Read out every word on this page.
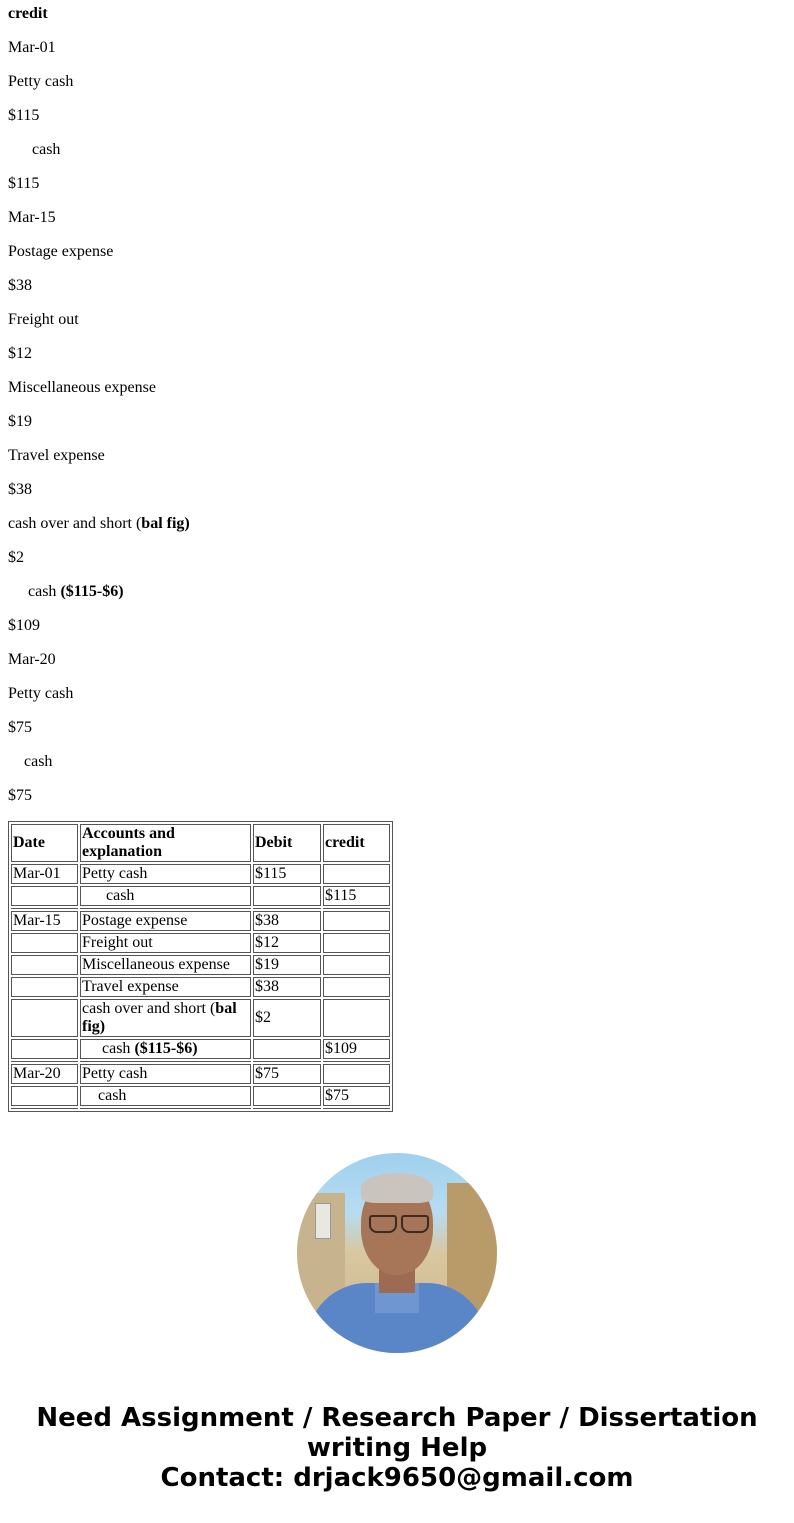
credit
Mar-01
Petty cash
$115
cash
$115
Mar-15
Postage expense
$38
Freight out
$12
Miscellaneous expense
$19
Travel expense
$38
cash over and short (bal fig)
$2
cash ($115-$6)
$109
Mar-20
Petty cash
$75
cash
$75
Date	Accounts and explanation	Debit	credit
Mar-01	Petty cash	$115	
	cash		$115

Mar-15	Postage expense	$38	
	Freight out	$12	
	Miscellaneous expense	$19	
	Travel expense	$38	
	cash over and short (bal fig)	$2	
	cash ($115-$6)		$109

Mar-20	Petty cash	$75	
	cash		$75

Need Assignment / Research Paper / Dissertation
writing Help
Contact: drjack9650@gmail.com
